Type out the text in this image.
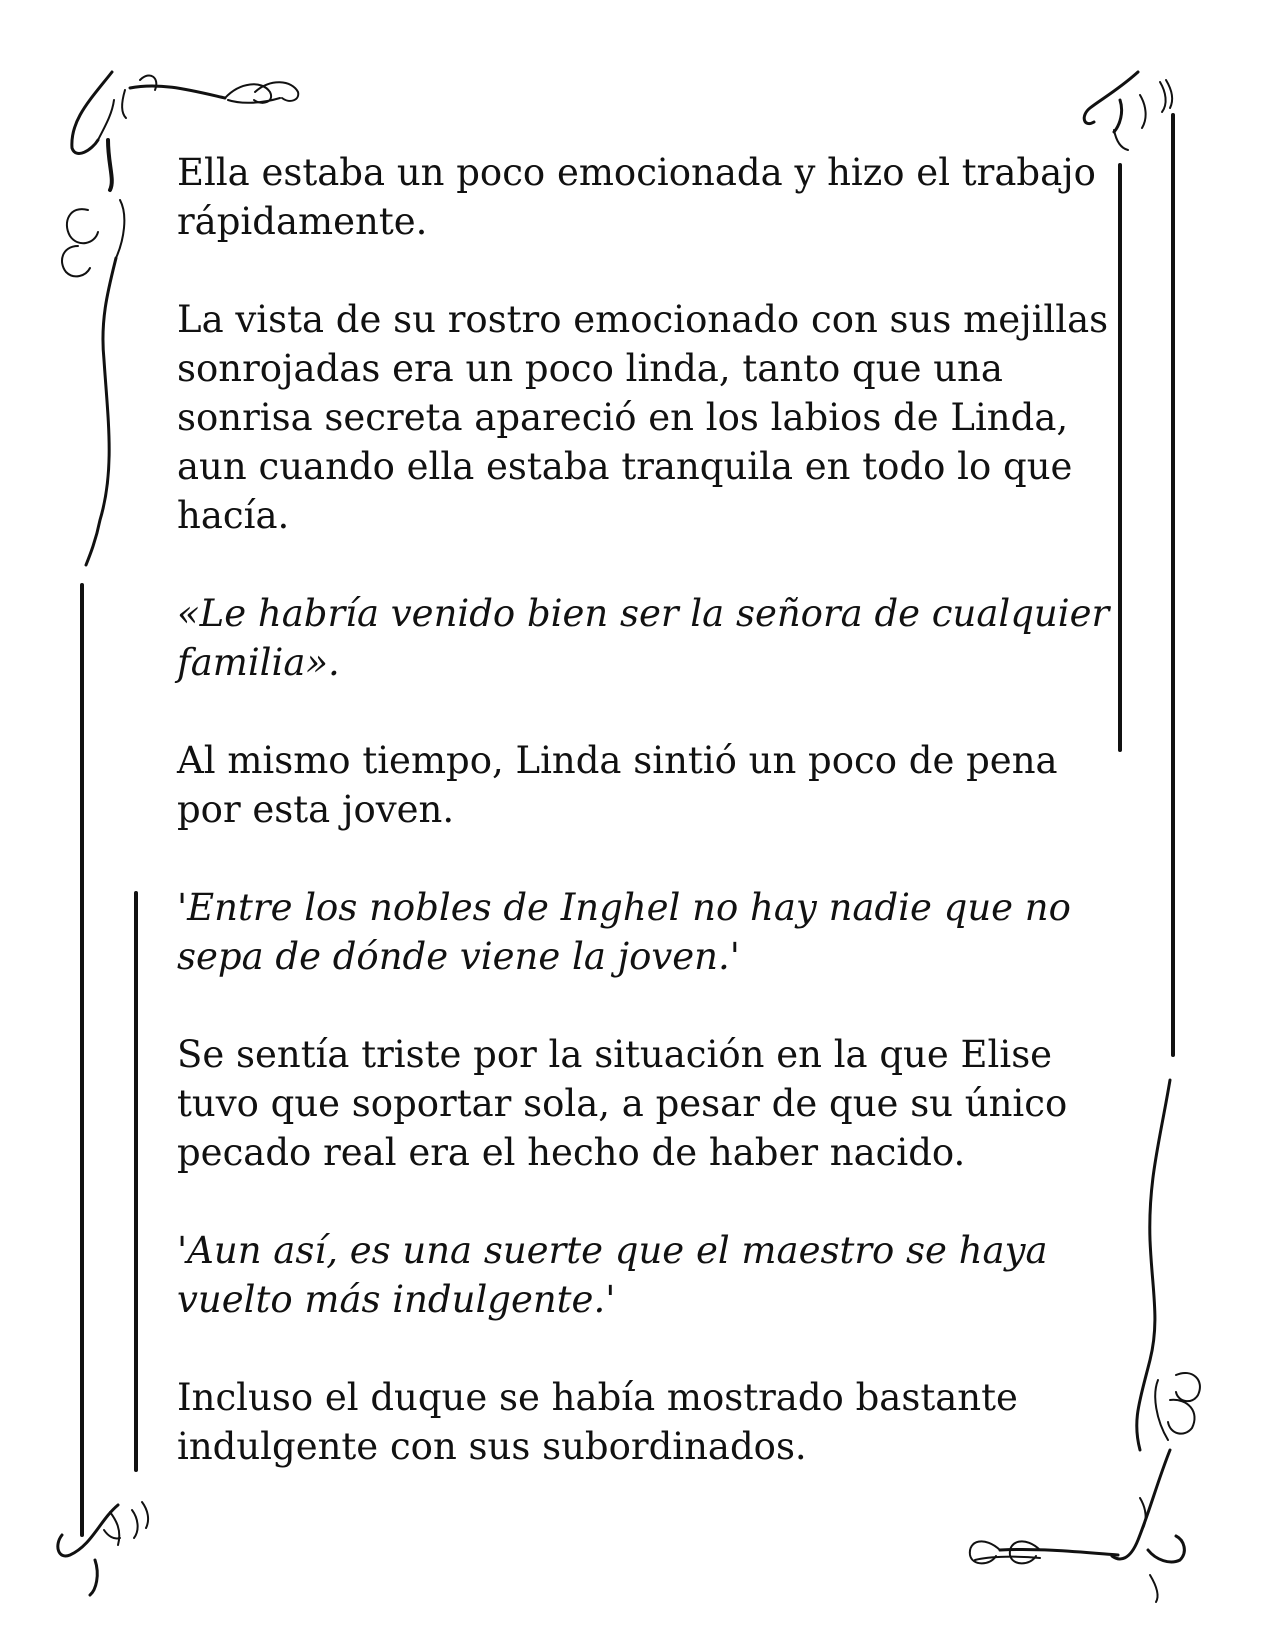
Ella estaba un poco emocionada y hizo el trabajo rápidamente.

La vista de su rostro emocionado con sus mejillas sonrojadas era un poco linda, tanto que una sonrisa secreta apareció en los labios de Linda, aun cuando ella estaba tranquila en todo lo que hacía.

«Le habría venido bien ser la señora de cualquier familia».

Al mismo tiempo, Linda sintió un poco de pena por esta joven.

'Entre los nobles de Inghel no hay nadie que no sepa de dónde viene la joven.'

Se sentía triste por la situación en la que Elise tuvo que soportar sola, a pesar de que su único pecado real era el hecho de haber nacido.

'Aun así, es una suerte que el maestro se haya vuelto más indulgente.'

Incluso el duque se había mostrado bastante indulgente con sus subordinados.
